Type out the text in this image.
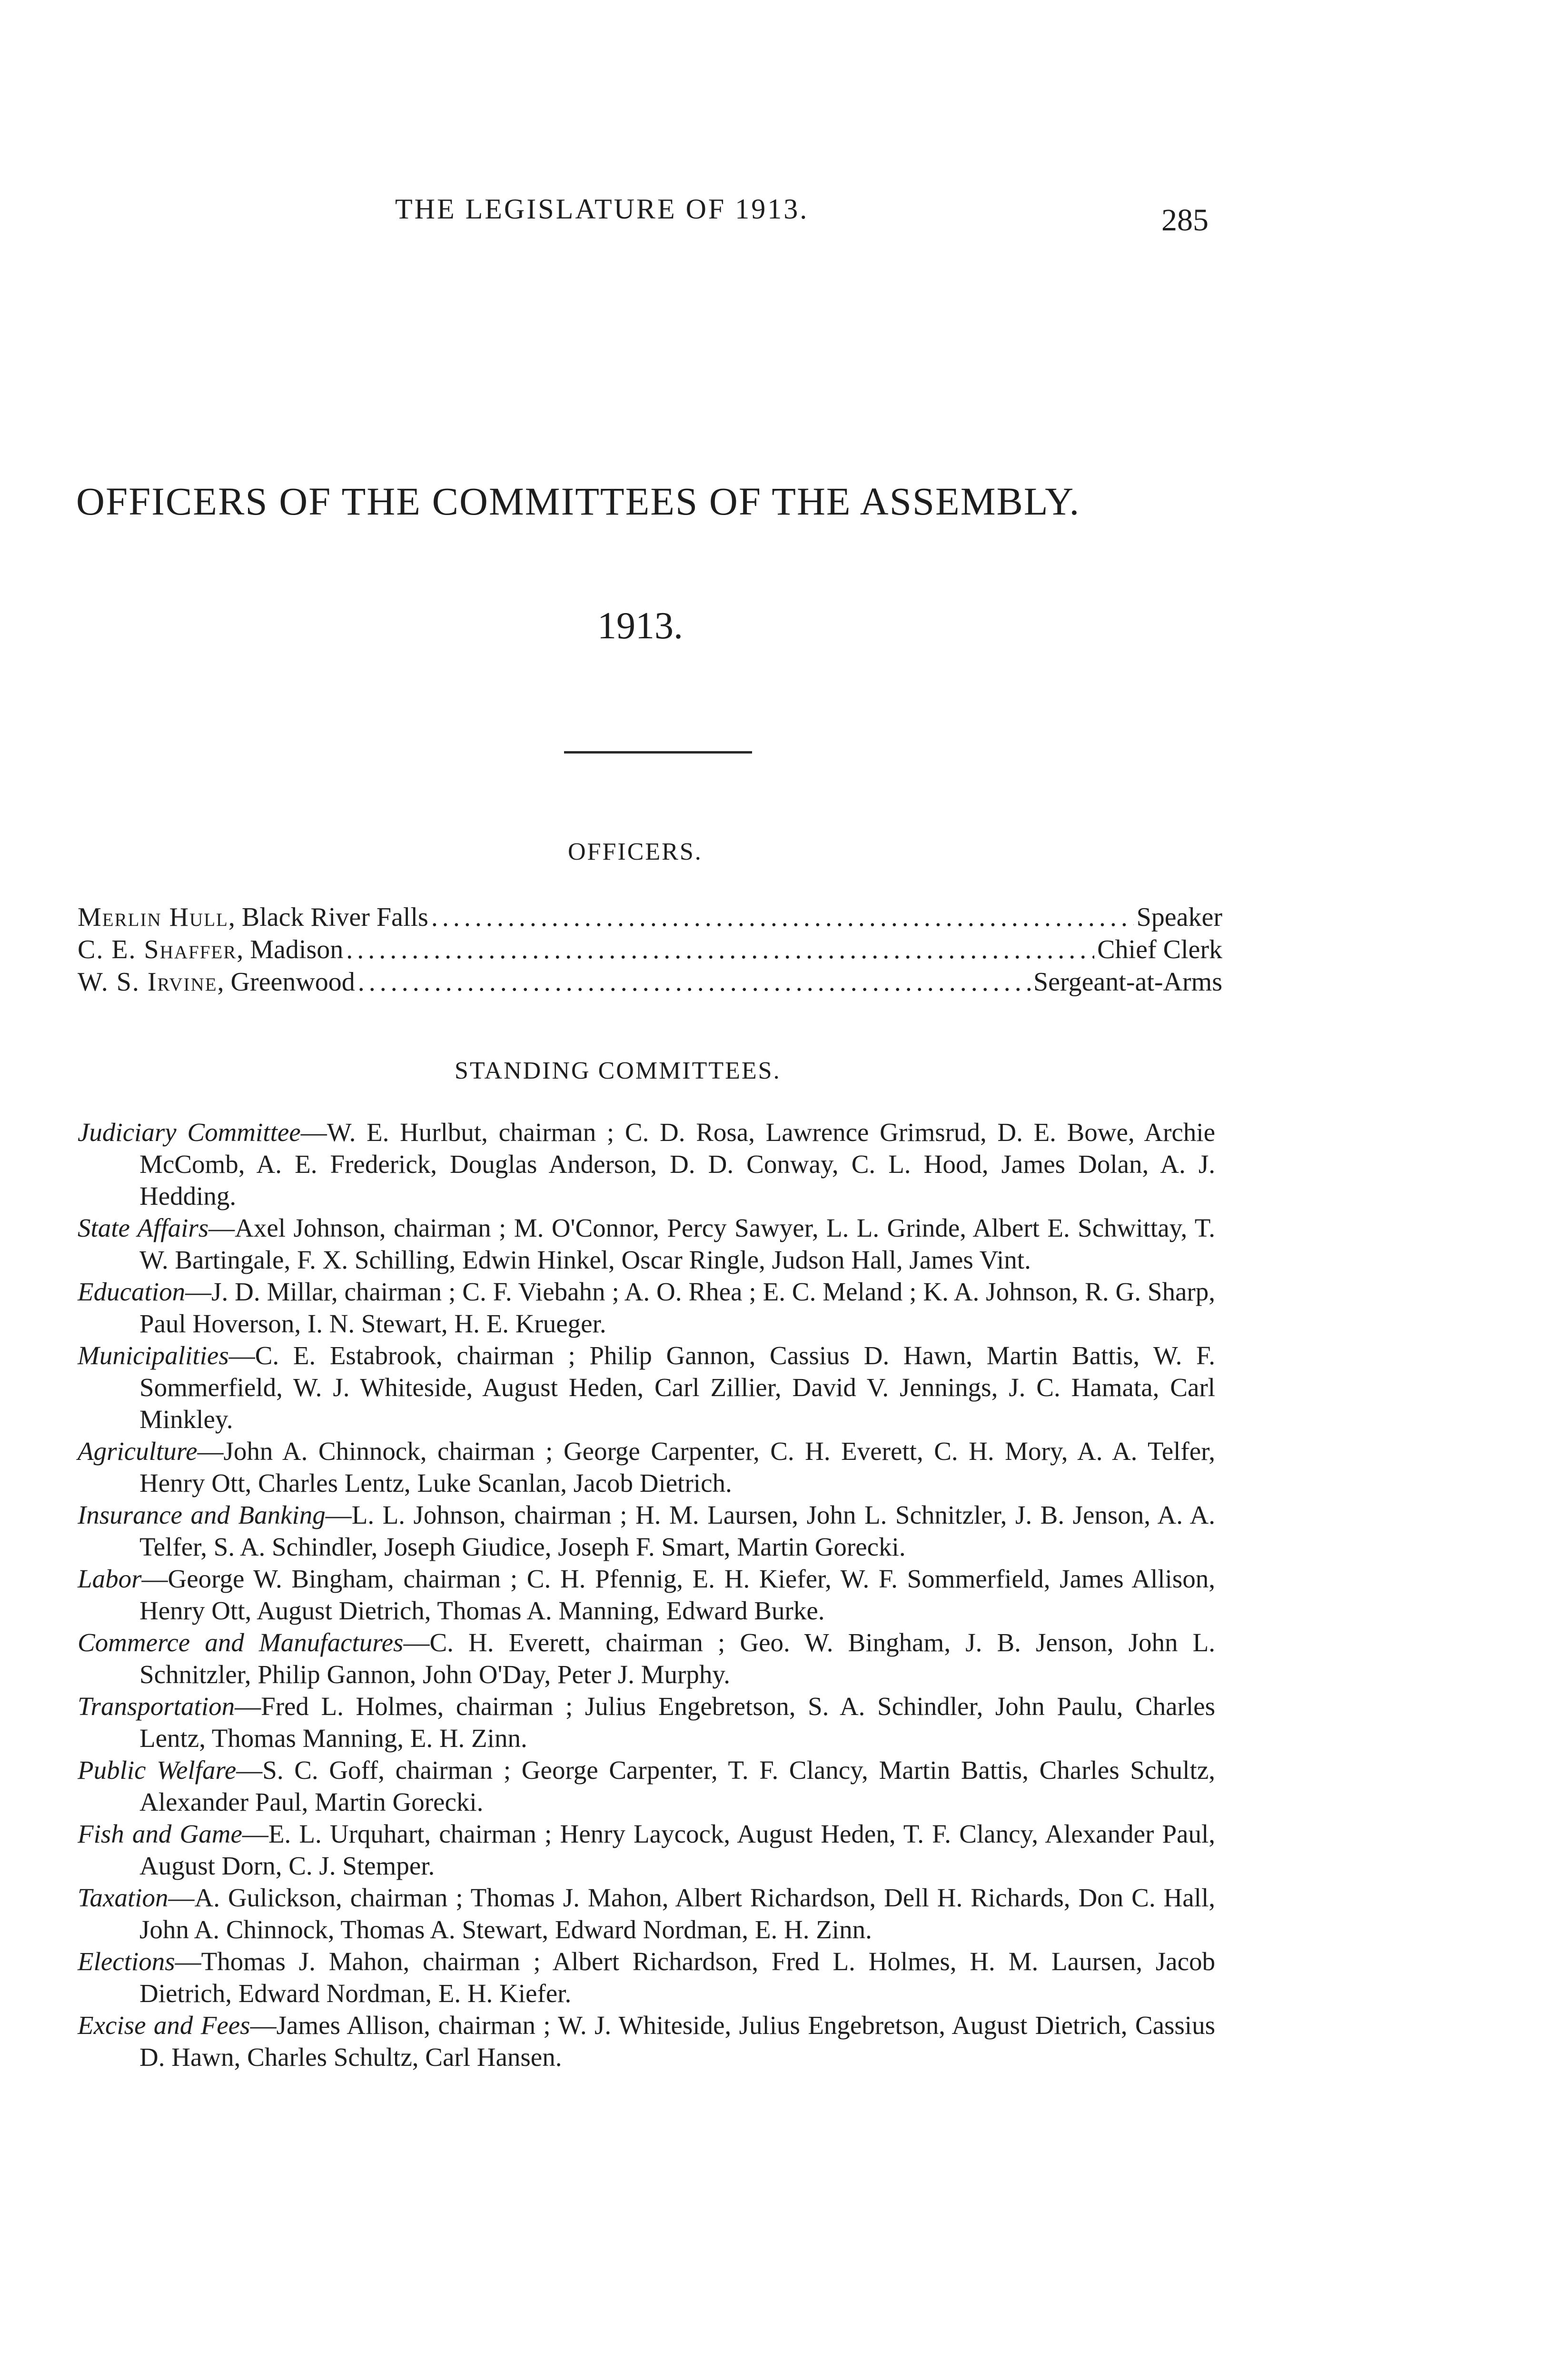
THE LEGISLATURE OF 1913.	285
OFFICERS OF THE COMMITTEES OF THE ASSEMBLY.
1913.
OFFICERS.
Merlin Hull, Black River Falls .....	Speaker
C. E. Shaffer, Madison .....	Chief Clerk
W. S. Irvine, Greenwood .....	Sergeant-at-Arms
STANDING COMMITTEES.

Judiciary Committee—W. E. Hurlbut, chairman ; C. D. Rosa, Lawrence Grimsrud, D. E. Bowe, Archie McComb, A. E. Frederick, Douglas Anderson, D. D. Conway, C. L. Hood, James Dolan, A. J. Hedding.

State Affairs—Axel Johnson, chairman ; M. O'Connor, Percy Sawyer, L. L. Grinde, Albert E. Schwittay, T. W. Bartingale, F. X. Schilling, Edwin Hinkel, Oscar Ringle, Judson Hall, James Vint.

Education—J. D. Millar, chairman ; C. F. Viebahn ; A. O. Rhea ; E. C. Meland ; K. A. Johnson, R. G. Sharp, Paul Hoverson, I. N. Stewart, H. E. Krueger.

Municipalities—C. E. Estabrook, chairman ; Philip Gannon, Cassius D. Hawn, Martin Battis, W. F. Sommerfield, W. J. Whiteside, August Heden, Carl Zillier, David V. Jennings, J. C. Hamata, Carl Minkley.

Agriculture—John A. Chinnock, chairman ; George Carpenter, C. H. Everett, C. H. Mory, A. A. Telfer, Henry Ott, Charles Lentz, Luke Scanlan, Jacob Dietrich.

Insurance and Banking—L. L. Johnson, chairman ; H. M. Laursen, John L. Schnitzler, J. B. Jenson, A. A. Telfer, S. A. Schindler, Joseph Giudice, Joseph F. Smart, Martin Gorecki.

Labor—George W. Bingham, chairman ; C. H. Pfennig, E. H. Kiefer, W. F. Sommerfield, James Allison, Henry Ott, August Dietrich, Thomas A. Manning, Edward Burke.

Commerce and Manufactures—C. H. Everett, chairman ; Geo. W. Bingham, J. B. Jenson, John L. Schnitzler, Philip Gannon, John O'Day, Peter J. Murphy.

Transportation—Fred L. Holmes, chairman ; Julius Engebretson, S. A. Schindler, John Paulu, Charles Lentz, Thomas Manning, E. H. Zinn.

Public Welfare—S. C. Goff, chairman ; George Carpenter, T. F. Clancy, Martin Battis, Charles Schultz, Alexander Paul, Martin Gorecki.

Fish and Game—E. L. Urquhart, chairman ; Henry Laycock, August Heden, T. F. Clancy, Alexander Paul, August Dorn, C. J. Stemper.

Taxation—A. Gulickson, chairman ; Thomas J. Mahon, Albert Richardson, Dell H. Richards, Don C. Hall, John A. Chinnock, Thomas A. Stewart, Edward Nordman, E. H. Zinn.

Elections—Thomas J. Mahon, chairman ; Albert Richardson, Fred L. Holmes, H. M. Laursen, Jacob Dietrich, Edward Nordman, E. H. Kiefer.

Excise and Fees—James Allison, chairman ; W. J. Whiteside, Julius Engebretson, August Dietrich, Cassius D. Hawn, Charles Schultz, Carl Hansen.
